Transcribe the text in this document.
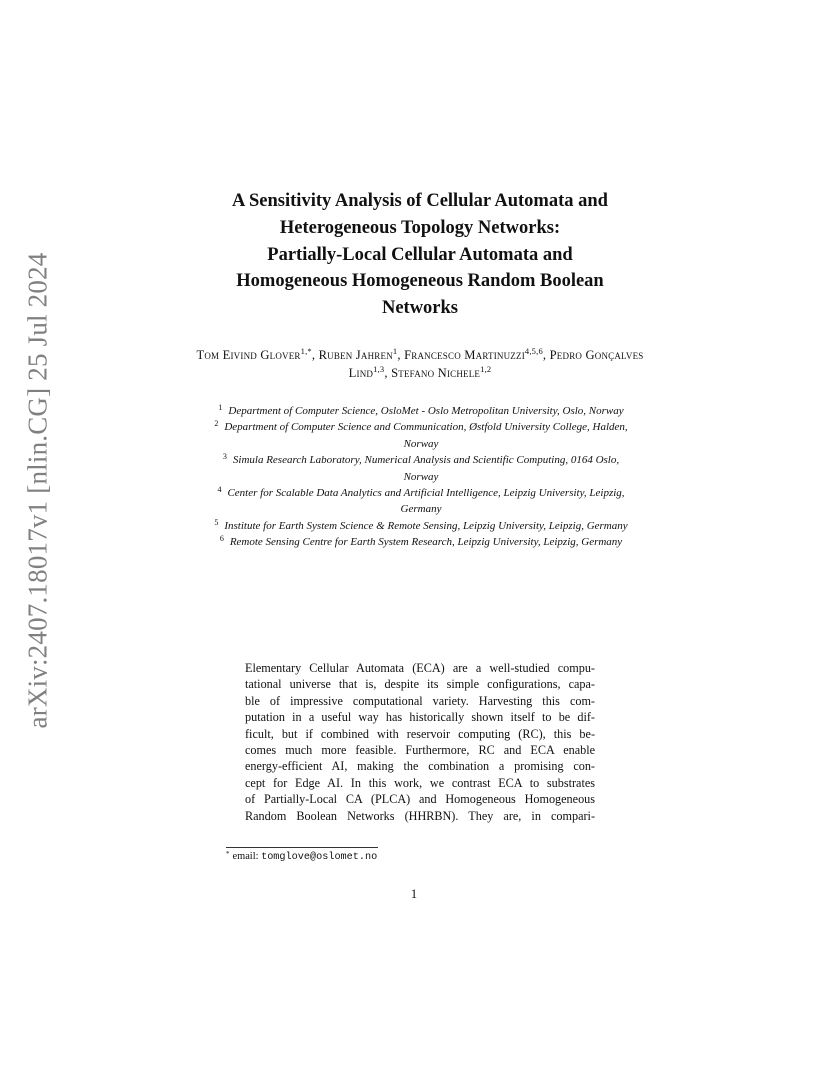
arXiv:2407.18017v1 [nlin.CG] 25 Jul 2024
A Sensitivity Analysis of Cellular Automata and
Heterogeneous Topology Networks:
Partially-Local Cellular Automata and
Homogeneous Homogeneous Random Boolean
Networks
Tom Eivind Glover$^{1,*}$, Ruben Jahren$^1$, Francesco Martinuzzi$^{4,5,6}$, Pedro Gonçalves Lind$^{1,3}$, Stefano Nichele$^{1,2}$

$^1$ Department of Computer Science, OsloMet - Oslo Metropolitan University, Oslo, Norway

$^2$ Department of Computer Science and Communication, Østfold University College, Halden, Norway

$^3$ Simula Research Laboratory, Numerical Analysis and Scientific Computing, 0164 Oslo, Norway

$^4$ Center for Scalable Data Analytics and Artificial Intelligence, Leipzig University, Leipzig, Germany

$^5$ Institute for Earth System Science & Remote Sensing, Leipzig University, Leipzig, Germany

$^6$ Remote Sensing Centre for Earth System Research, Leipzig University, Leipzig, Germany

Elementary Cellular Automata (ECA) are a well-studied compu-
tational universe that is, despite its simple configurations, capa-
ble of impressive computational variety. Harvesting this com-
putation in a useful way has historically shown itself to be dif-
ficult, but if combined with reservoir computing (RC), this be-
comes much more feasible. Furthermore, RC and ECA enable
energy-efficient AI, making the combination a promising con-
cept for Edge AI. In this work, we contrast ECA to substrates
of Partially-Local CA (PLCA) and Homogeneous Homogeneous
Random Boolean Networks (HHRBN). They are, in compari-
* email: tomglove@oslomet.no
1
